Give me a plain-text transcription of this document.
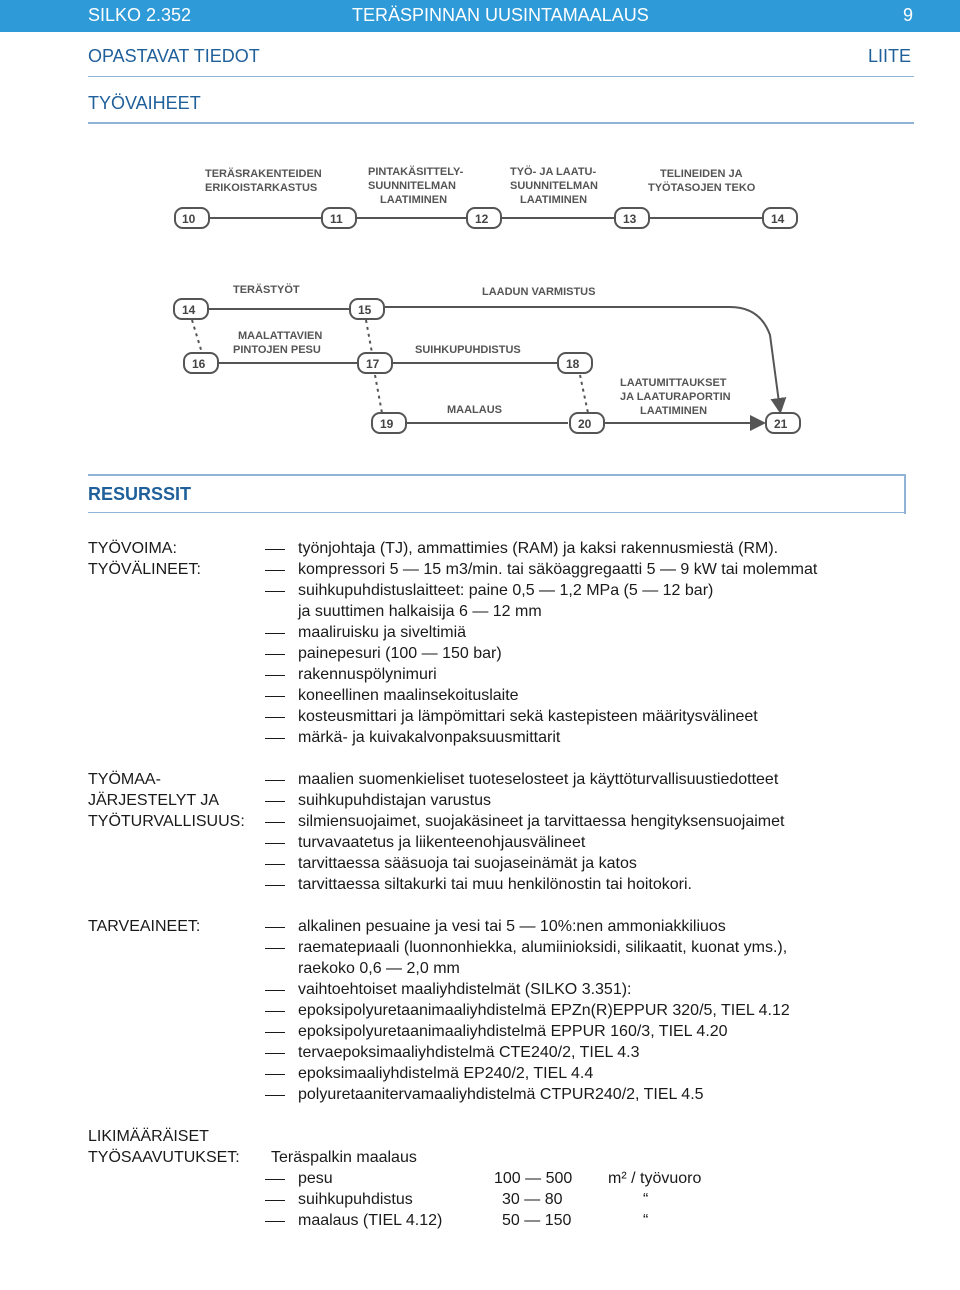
SILKO 2.352	TERÄSPINNAN UUSINTAMAALAUS	9
OPASTAVAT TIEDOT	LIITE
TYÖVAIHEET
TERÄSRAKENTEIDEN ERIKOISTARKASTUS
PINTAKÄSITTELY- SUUNNITELMAN LAATIMINEN
TYÖ- JA LAATU- SUUNNITELMAN LAATIMINEN
TELINEIDEN JA TYÖTASOJEN TEKO
10	11	12	13	14
TERÄSTYÖT	LAADUN VARMISTUS
MAALATTAVIEN PINTOJEN PESU	SUIHKUPUHDISTUS
LAATUMITTAUKSET JA LAATURAPORTIN LAATIMINEN
MAALAUS
14	15
16	17	18
19	20	21
RESURSSIT
TYÖVOIMA:	työnjohtaja (TJ), ammattimies (RAM) ja kaksi rakennusmiestä (RM).
TYÖVÄLINEET:	kompressori 5 — 15 m3/min. tai säköaggregaatti 5 — 9 kW tai molemmat
suihkupuhdistuslaitteet: paine 0,5 — 1,2 MPa (5 — 12 bar)
ja suuttimen halkaisija 6 — 12 mm
maaliruisku ja siveltimiä
painepesuri (100 — 150 bar)
rakennuspölynimuri
koneellinen maalinsekoituslaite
kosteusmittari ja lämpömittari sekä kastepisteen määritysvälineet
märkä- ja kuivakalvonpaksuusmittarit
TYÖMAA-
JÄRJESTELYT JA
TYÖTURVALLISUUS:
maalien suomenkieliset tuoteselosteet ja käyttöturvallisuustiedotteet
suihkupuhdistajan varustus
silmiensuojaimet, suojakäsineet ja tarvittaessa hengityksensuojaimet
turvavaatetus ja liikenteenohjausvälineet
tarvittaessa sääsuoja tai suojaseinämät ja katos
tarvittaessa siltakurki tai muu henkilönostin tai hoitokori.
TARVEAINEET:	alkalinen pesuaine ja vesi tai 5 — 10%:nen ammoniakkiliuos
raematериaali (luonnonhiekka, alumiinioksidi, silikaatit, kuonat yms.),
raekoko 0,6 — 2,0 mm
vaihtoehtoiset maaliyhdistelmät (SILKO 3.351):
epoksipolyuretaanimaaliyhdistelmä EPZn(R)EPPUR 320/5, TIEL 4.12
epoksipolyuretaanimaaliyhdistelmä EPPUR 160/3, TIEL 4.20
tervaepoksimaaliyhdistelmä CTE240/2, TIEL 4.3
epoksimaaliyhdistelmä EP240/2, TIEL 4.4
polyuretaanitervamaaliyhdistelmä CTPUR240/2, TIEL 4.5
LIKIMÄÄRÄISET
TYÖSAAVUTUKSET: Teräspalkin maalaus
pesu	100 — 500 m² / työvuoro
suihkupuhdistus	30 — 80	“
maalaus (TIEL 4.12)	50 — 150	“
